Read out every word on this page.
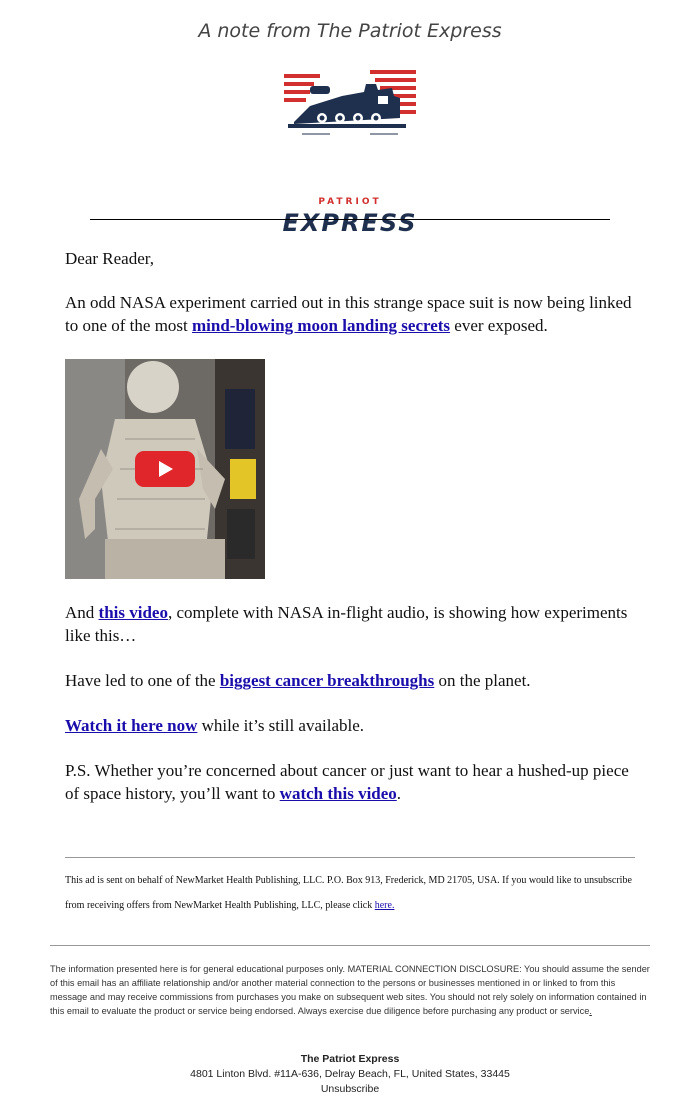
A note from The Patriot Express
PATRIOT
EXPRESS

Dear Reader,

An odd NASA experiment carried out in this strange space suit is now being linked to one of the most mind-blowing moon landing secrets ever exposed.

And this video, complete with NASA in-flight audio, is showing how experiments like this…

Have led to one of the biggest cancer breakthroughs on the planet.

Watch it here now while it’s still available.

P.S. Whether you’re concerned about cancer or just want to hear a hushed-up piece of space history, you’ll want to watch this video.

This ad is sent on behalf of NewMarket Health Publishing, LLC. P.O. Box 913, Frederick, MD 21705, USA. If you would like to unsubscribe from receiving offers from NewMarket Health Publishing, LLC, please click here.
The information presented here is for general educational purposes only. MATERIAL CONNECTION DISCLOSURE: You should assume the sender of this email has an affiliate relationship and/or another material connection to the persons or businesses mentioned in or linked to from this message and may receive commissions from purchases you make on subsequent web sites. You should not rely solely on information contained in this email to evaluate the product or service being endorsed. Always exercise due diligence before purchasing any product or service.
The Patriot Express
4801 Linton Blvd. #11A-636, Delray Beach, FL, United States, 33445
Unsubscribe
